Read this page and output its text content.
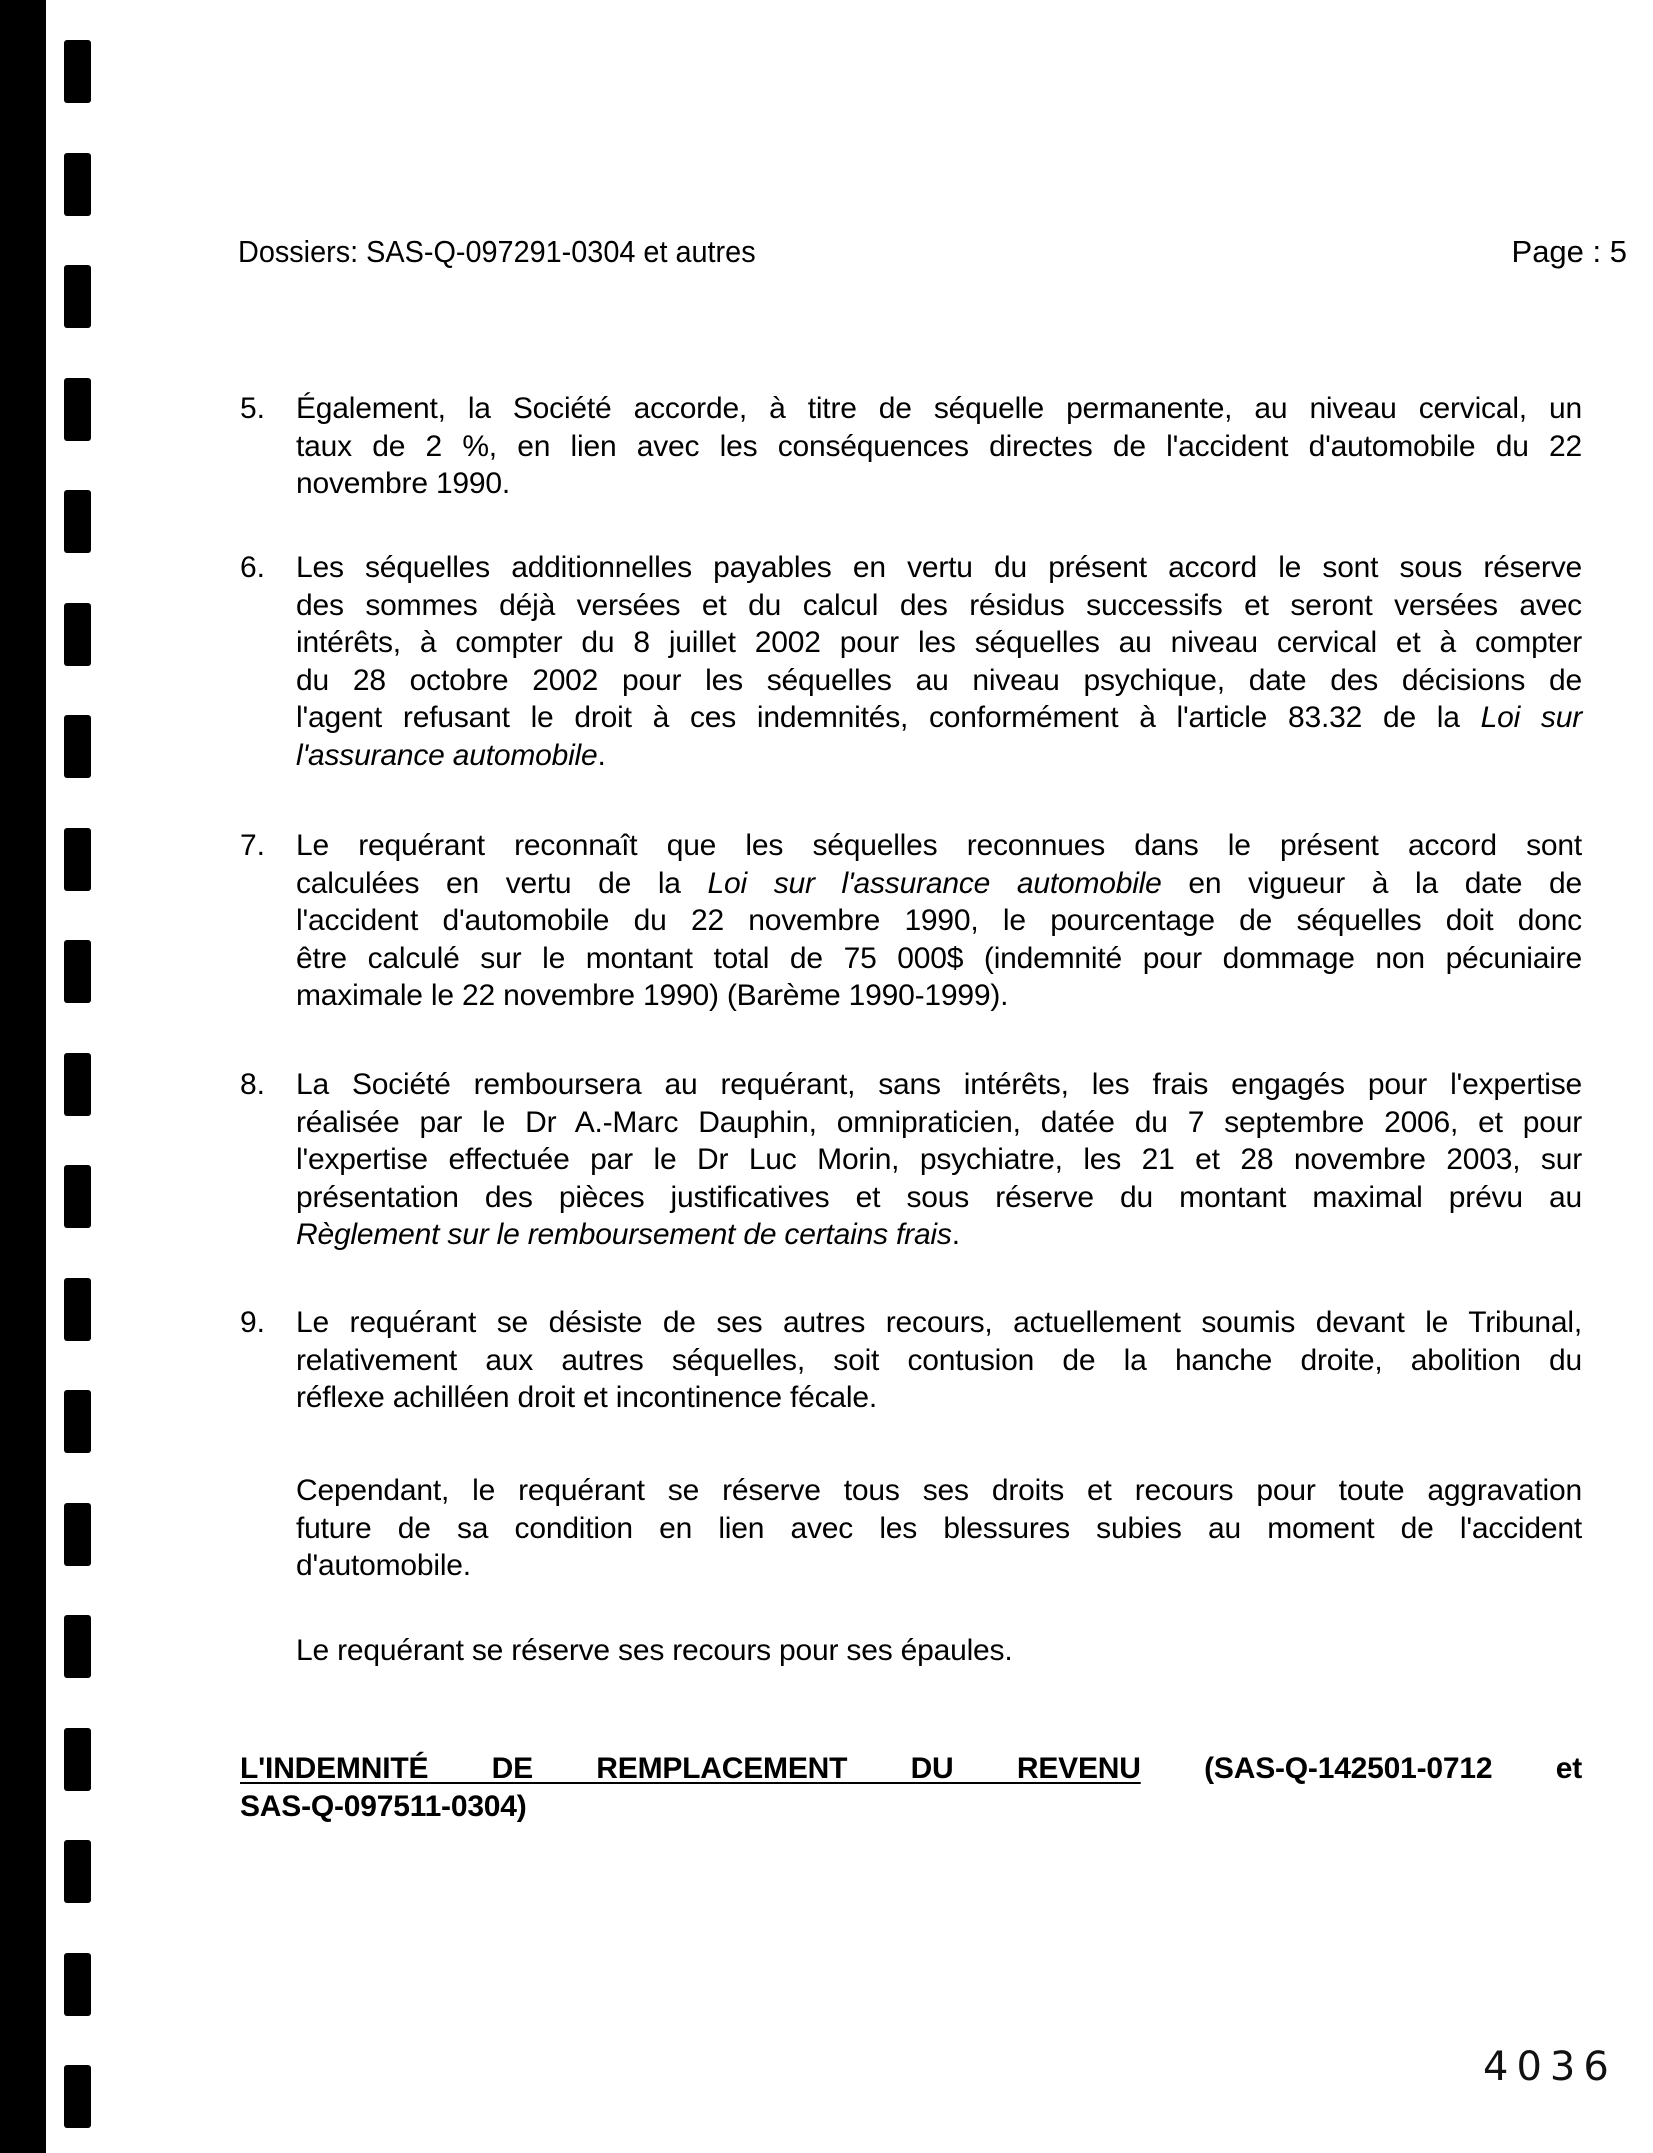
Dossiers: SAS-Q-097291-0304 et autres	Page : 5
5. Également, la Société accorde, à titre de séquelle permanente, au niveau cervical, un
taux de 2 %, en lien avec les conséquences directes de l'accident d'automobile du 22
novembre 1990.
6. Les séquelles additionnelles payables en vertu du présent accord le sont sous réserve
des sommes déjà versées et du calcul des résidus successifs et seront versées avec
intérêts, à compter du 8 juillet 2002 pour les séquelles au niveau cervical et à compter
du 28 octobre 2002 pour les séquelles au niveau psychique, date des décisions de
l'agent refusant le droit à ces indemnités, conformément à l'article 83.32 de la Loi sur
l'assurance automobile.
7. Le requérant reconnaît que les séquelles reconnues dans le présent accord sont
calculées en vertu de la Loi sur l'assurance automobile en vigueur à la date de
l'accident d'automobile du 22 novembre 1990, le pourcentage de séquelles doit donc
être calculé sur le montant total de 75 000$ (indemnité pour dommage non pécuniaire
maximale le 22 novembre 1990) (Barème 1990-1999).
8. La Société remboursera au requérant, sans intérêts, les frais engagés pour l'expertise
réalisée par le Dr A.-Marc Dauphin, omnipraticien, datée du 7 septembre 2006, et pour
l'expertise effectuée par le Dr Luc Morin, psychiatre, les 21 et 28 novembre 2003, sur
présentation des pièces justificatives et sous réserve du montant maximal prévu au
Règlement sur le remboursement de certains frais.
9. Le requérant se désiste de ses autres recours, actuellement soumis devant le Tribunal,
relativement aux autres séquelles, soit contusion de la hanche droite, abolition du
réflexe achilléen droit et incontinence fécale.
Cependant, le requérant se réserve tous ses droits et recours pour toute aggravation
future de sa condition en lien avec les blessures subies au moment de l'accident
d'automobile.
Le requérant se réserve ses recours pour ses épaules.
L'INDEMNITÉ DE REMPLACEMENT DU REVENU (SAS-Q-142501-0712 et
SAS-Q-097511-0304)
4036
